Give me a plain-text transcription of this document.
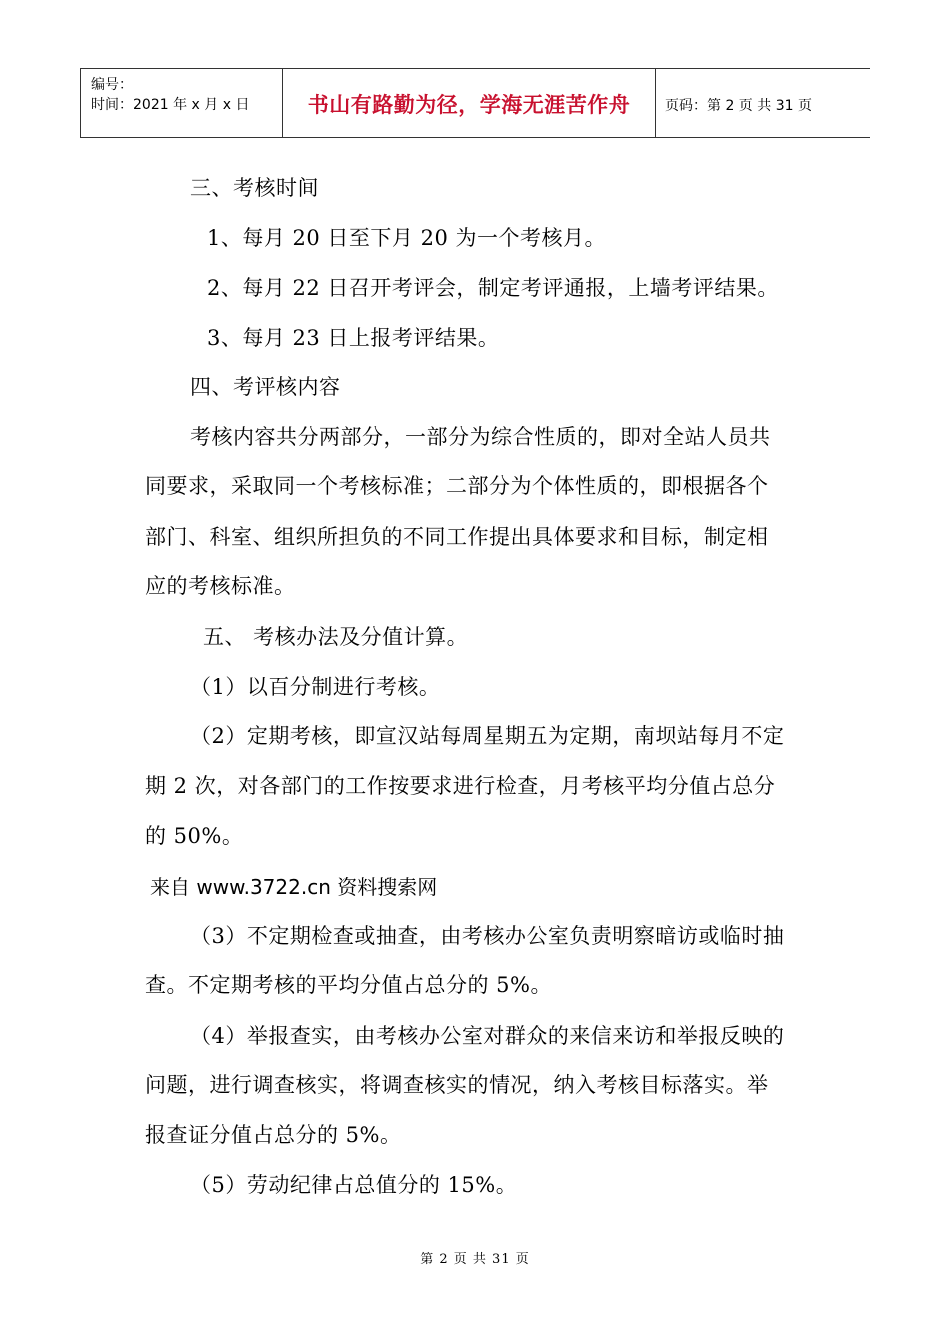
编号：
时间：2021 年 x 月 x 日	书山有路勤为径，学海无涯苦作舟	页码：第 2 页 共 31 页
三、考核时间
1、每月 20 日至下月 20 为一个考核月。
2、每月 22 日召开考评会，制定考评通报，上墙考评结果。
3、每月 23 日上报考评结果。
四、考评核内容
考核内容共分两部分，一部分为综合性质的，即对全站人员共
同要求，采取同一个考核标准；二部分为个体性质的，即根据各个
部门、科室、组织所担负的不同工作提出具体要求和目标，制定相
应的考核标准。
五、 考核办法及分值计算。
（1）以百分制进行考核。
（2）定期考核，即宣汉站每周星期五为定期，南坝站每月不定
期 2 次，对各部门的工作按要求进行检查，月考核平均分值占总分
的 50%。
来自 www.3722.cn 资料搜索网
（3）不定期检查或抽查，由考核办公室负责明察暗访或临时抽
查。不定期考核的平均分值占总分的 5%。
（4）举报查实，由考核办公室对群众的来信来访和举报反映的
问题，进行调查核实，将调查核实的情况，纳入考核目标落实。举
报查证分值占总分的 5%。
（5）劳动纪律占总值分的 15%。
第 2 页 共 31 页
